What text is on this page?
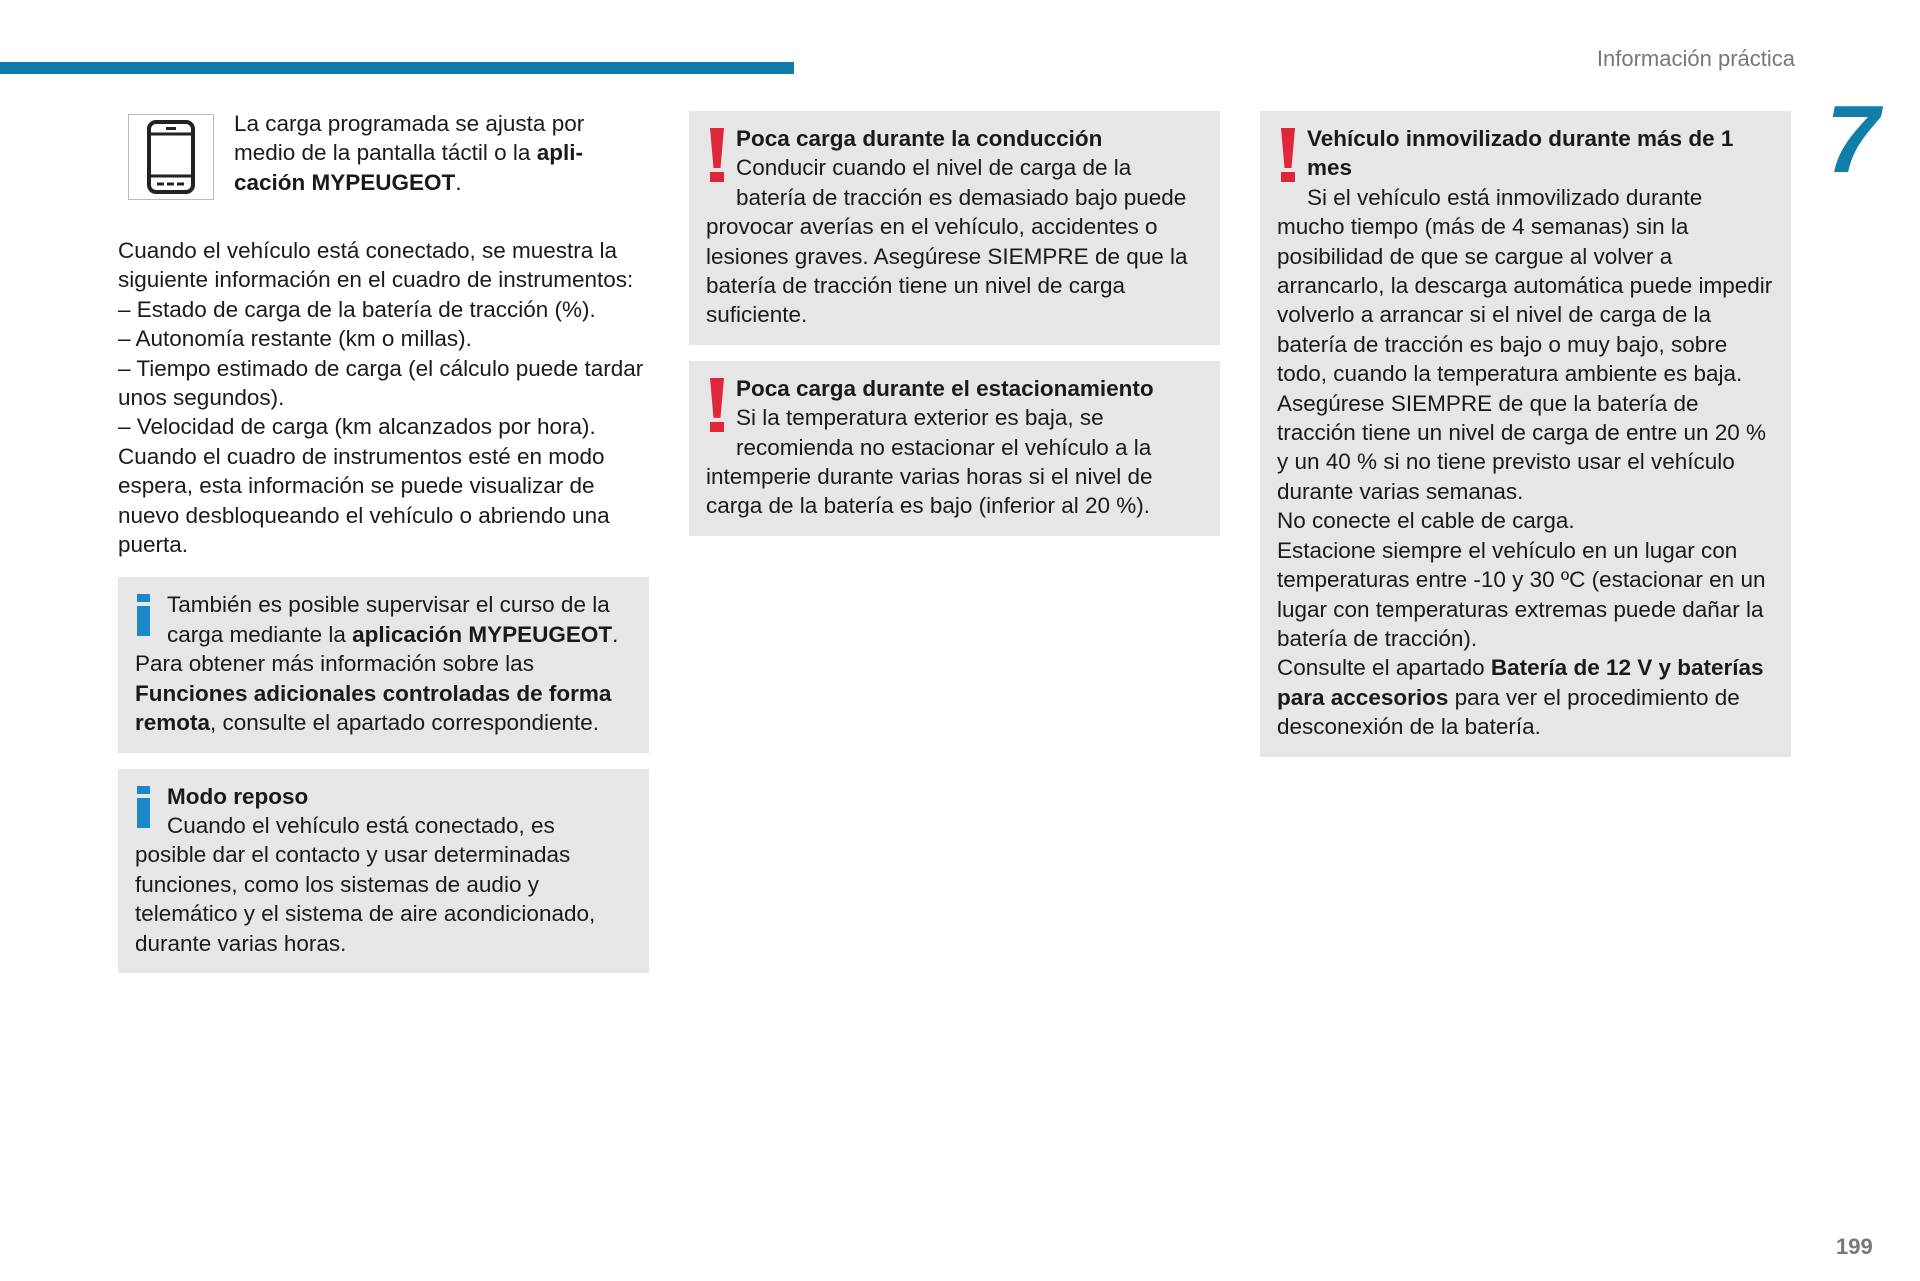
Información práctica
7
199

La carga programada se ajusta por medio de la pantalla táctil o la apli-cación MYPEUGEOT.

Cuando el vehículo está conectado, se muestra la siguiente información en el cuadro de instrumentos: – Estado de carga de la batería de tracción (%).

– Autonomía restante (km o millas).

– Tiempo estimado de carga (el cálculo puede tardar unos segundos).

– Velocidad de carga (km alcanzados por hora).

Cuando el cuadro de instrumentos esté en modo espera, esta información se puede visualizar de nuevo desbloqueando el vehículo o abriendo una puerta.

También es posible supervisar el curso de la carga mediante la aplicación MYPEUGEOT.

Para obtener más información sobre las Funciones adicionales controladas de forma remota, consulte el apartado correspondiente.

Modo reposo

Cuando el vehículo está conectado, es posible dar el contacto y usar determinadas funciones, como los sistemas de audio y telemático y el sistema de aire acondicionado, durante varias horas.

Poca carga durante la conducción

Conducir cuando el nivel de carga de la batería de tracción es demasiado bajo puede provocar averías en el vehículo, accidentes o lesiones graves. Asegúrese SIEMPRE de que la batería de tracción tiene un nivel de carga suficiente.

Poca carga durante el estacionamiento

Si la temperatura exterior es baja, se recomienda no estacionar el vehículo a la intemperie durante varias horas si el nivel de carga de la batería es bajo (inferior al 20 %).

Vehículo inmovilizado durante más de 1 mes

Si el vehículo está inmovilizado durante mucho tiempo (más de 4 semanas) sin la posibilidad de que se cargue al volver a arrancarlo, la descarga automática puede impedir volverlo a arrancar si el nivel de carga de la batería de tracción es bajo o muy bajo, sobre todo, cuando la temperatura ambiente es baja. Asegúrese SIEMPRE de que la batería de tracción tiene un nivel de carga de entre un 20 % y un 40 % si no tiene previsto usar el vehículo durante varias semanas.

No conecte el cable de carga.

Estacione siempre el vehículo en un lugar con temperaturas entre -10 y 30 ºC (estacionar en un lugar con temperaturas extremas puede dañar la batería de tracción).

Consulte el apartado Batería de 12 V y baterías para accesorios para ver el procedimiento de desconexión de la batería.
